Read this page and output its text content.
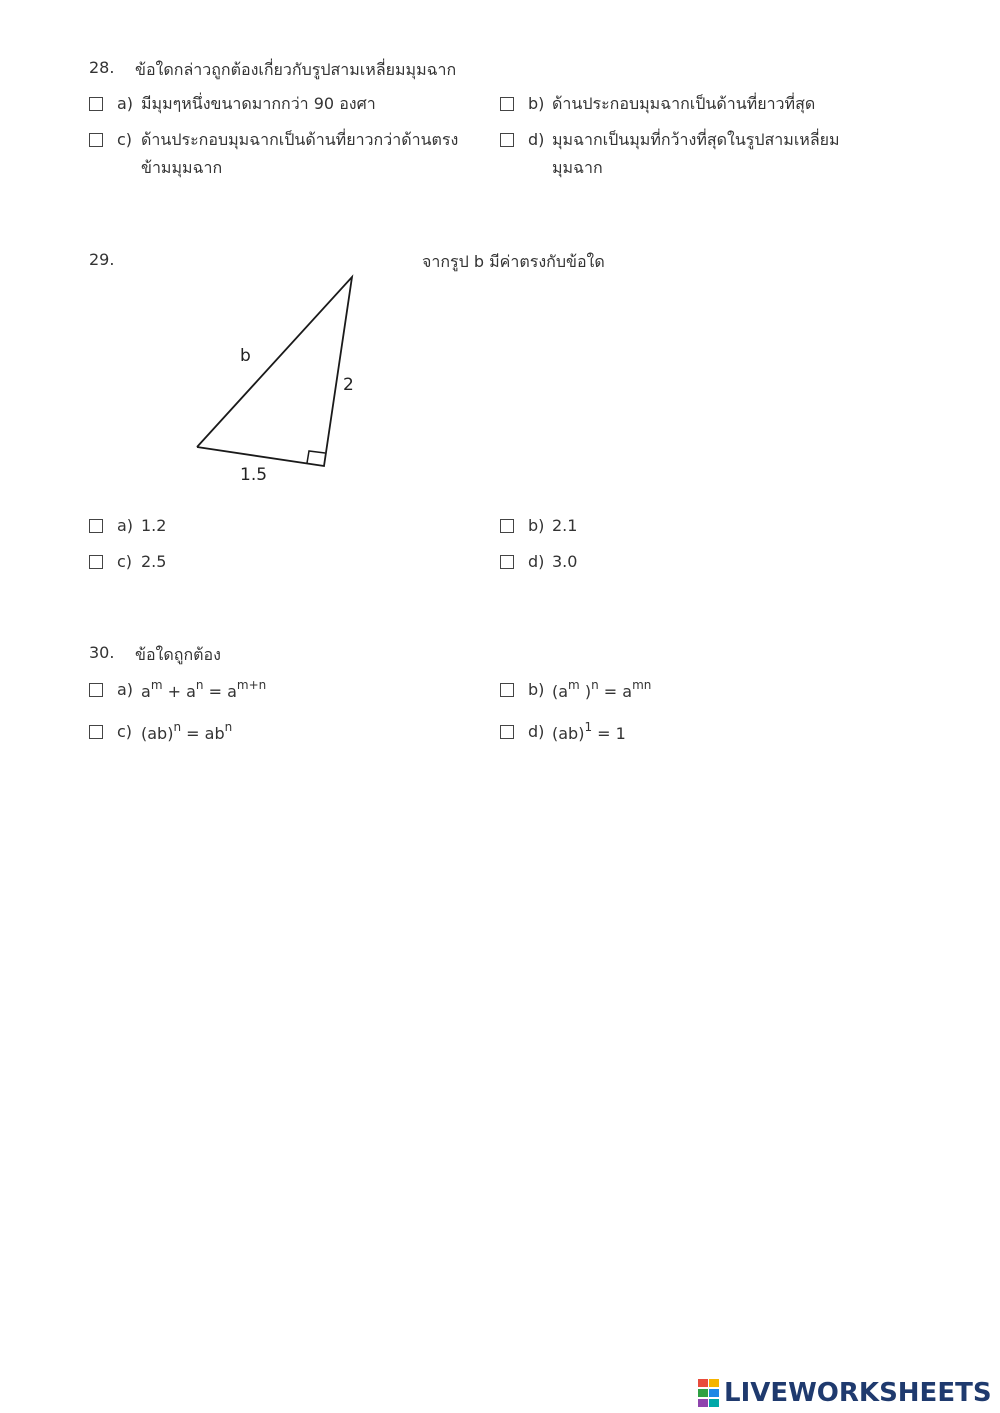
28. ข้อใดกล่าวถูกต้องเกี่ยวกับรูปสามเหลี่ยมมุมฉาก
a) มีมุมๆหนึ่งขนาดมากกว่า 90 องศา	b) ด้านประกอบมุมฉากเป็นด้านที่ยาวที่สุด
c) ด้านประกอบมุมฉากเป็นด้านที่ยาวกว่าด้านตรงข้ามมุมฉาก
d) มุมฉากเป็นมุมที่กว้างที่สุดในรูปสามเหลี่ยมมุมฉาก
29.	จากรูป b มีค่าตรงกับข้อใด
b
2
1.5
a) 1.2	b) 2.1
c) 2.5	d) 3.0
30. ข้อใดถูกต้อง
a) $a^m + a^n = a^{m+n}$	b) ($a^m$ )$^n = a^{mn}$
c) $(ab)^n = ab^n$	d) (ab)$^1$ = 1
LIVEWORKSHEETS
